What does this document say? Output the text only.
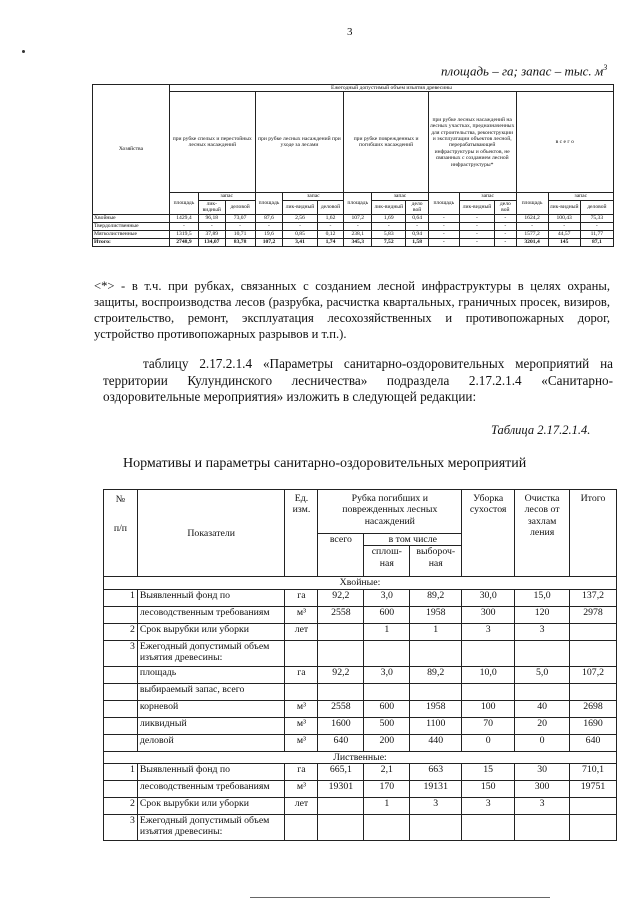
3
площадь – га; запас – тыс. $м^3$
Хозяйства	Ежегодный допустимый объем изъятия древесины														
	при рубке спелых и перестойных лесных насаждений			при рубке лесных насаждений при уходе за лесами			при рубке поврежденных и погибших насаждений			при рубке лесных насаждений на лесных участках, предназначенных для строительства, реконструкции и эксплуатации объектов лесной, перерабатывающей инфраструктуры и объектов, не связанных с созданием лесной инфраструктуры*			в с е г о		
	площадь	запас		площадь	запас		площадь	запас		площадь	запас		площадь	запас	
		лик-видный	деловой		лик-видный	деловой		лик-видный	дело вой		лик-видный	дело вой		лик-видный	деловой
Хвойные	1429,4	96,18	73,07	87,6	2,56	1,62	107,2	1,69	0,64	-	-	-	1624,2	100,43	75,33
Твердолиственные	-	-	-	-	-	-	-	-	-	-	-	-	-	-	-
Мягколиственные	1319,5	37,89	10,71	19,6	0,85	0,12	238,1	5,83	0,94	-	-	-	1577,2	44,57	11,77
Итого:	2748,9	134,07	83,78	107,2	3,41	1,74	345,3	7,52	1,58	-	-	-	3201,4	145	87,1
<*> - в т.ч. при рубках, связанных с созданием лесной инфраструктуры в целях охраны, защиты, воспроизводства лесов (разрубка, расчистка квартальных, граничных просек, визиров, строительство, ремонт, эксплуатация лесохозяйственных и противопожарных дорог, устройство противопожарных разрывов и т.п.).
таблицу 2.17.2.1.4 «Параметры санитарно-оздоровительных мероприятий на территории Кулундинского лесничества» подраздела 2.17.2.1.4 «Санитарно-оздоровительные мероприятия» изложить в следующей редакции:
Таблица 2.17.2.1.4.
Нормативы и параметры санитарно-оздоровительных мероприятий
№
п/п	Показатели	Ед. изм.	Рубка погибших и поврежденных лесных насаждений			Уборка сухостоя	Очистка лесов от захлам ления	Итого
			всего	в том числе				
				сплош-ная	выбороч-ная			
Хвойные:								
1	Выявленный фонд по	га	92,2	3,0	89,2	30,0	15,0	137,2
	лесоводственным требованиям	м³	2558	600	1958	300	120	2978
2	Срок вырубки или уборки	лет		1	1	3	3	
3	Ежегодный допустимый объем изъятия древесины:							
	площадь	га	92,2	3,0	89,2	10,0	5,0	107,2
	выбираемый запас, всего							
	корневой	м³	2558	600	1958	100	40	2698
	ликвидный	м³	1600	500	1100	70	20	1690
	деловой	м³	640	200	440	0	0	640
Лиственные:								
1	Выявленный фонд по	га	665,1	2,1	663	15	30	710,1
	лесоводственным требованиям	м³	19301	170	19131	150	300	19751
2	Срок вырубки или уборки	лет		1	3	3	3	
3	Ежегодный допустимый объем изъятия древесины:							
